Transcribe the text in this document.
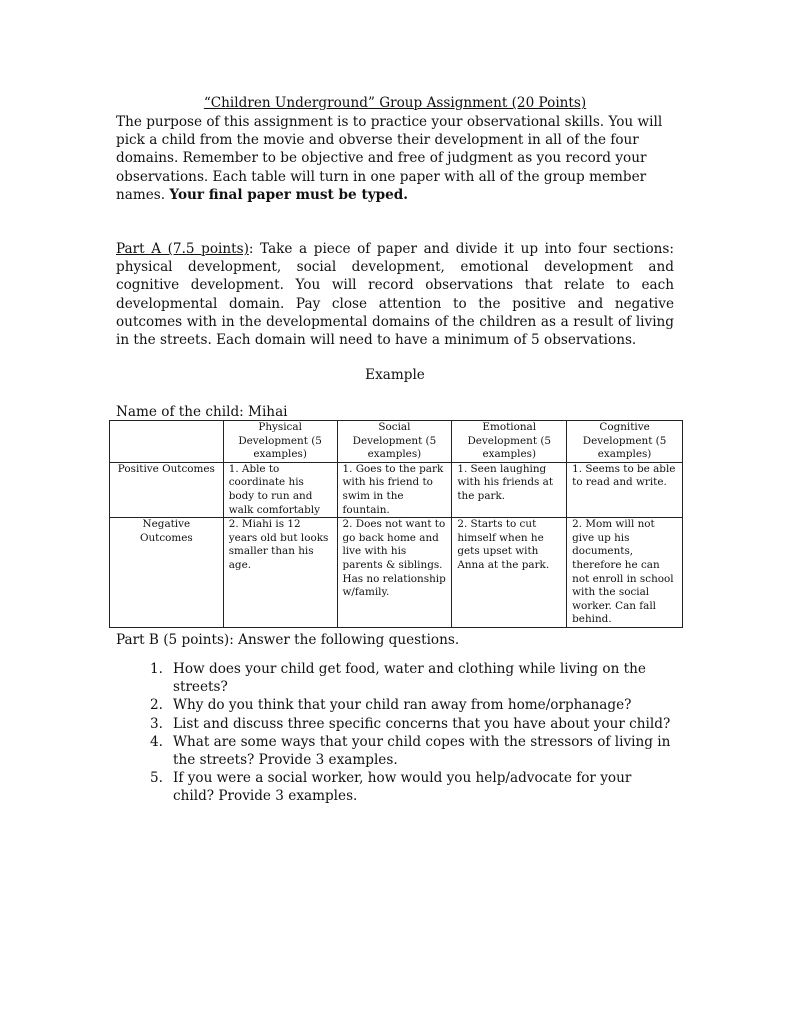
“Children Underground” Group Assignment (20 Points)
The purpose of this assignment is to practice your observational skills. You will pick a child from the movie and obverse their development in all of the four domains. Remember to be objective and free of judgment as you record your observations. Each table will turn in one paper with all of the group member names. Your final paper must be typed.
Part A (7.5 points): Take a piece of paper and divide it up into four sections: physical development, social development, emotional development and cognitive development. You will record observations that relate to each developmental domain. Pay close attention to the positive and negative outcomes with in the developmental domains of the children as a result of living in the streets. Each domain will need to have a minimum of 5 observations.
Example
Name of the child: Mihai
	Physical Development (5 examples)	Social Development (5 examples)	Emotional Development (5 examples)	Cognitive Development (5 examples)
Positive Outcomes	1. Able to coordinate his body to run and walk comfortably	1. Goes to the park with his friend to swim in the fountain.	1. Seen laughing with his friends at the park.	1. Seems to be able to read and write.
Negative Outcomes	2. Miahi is 12 years old but looks smaller than his age.	2. Does not want to go back home and live with his parents & siblings. Has no relationship w/family.	2. Starts to cut himself when he gets upset with Anna at the park.	2. Mom will not give up his documents, therefore he can not enroll in school with the social worker. Can fall behind.
Part B (5 points): Answer the following questions.
1. How does your child get food, water and clothing while living on the streets?
2. Why do you think that your child ran away from home/orphanage?
3. List and discuss three specific concerns that you have about your child?
4. What are some ways that your child copes with the stressors of living in the streets? Provide 3 examples.
5. If you were a social worker, how would you help/advocate for your child? Provide 3 examples.
